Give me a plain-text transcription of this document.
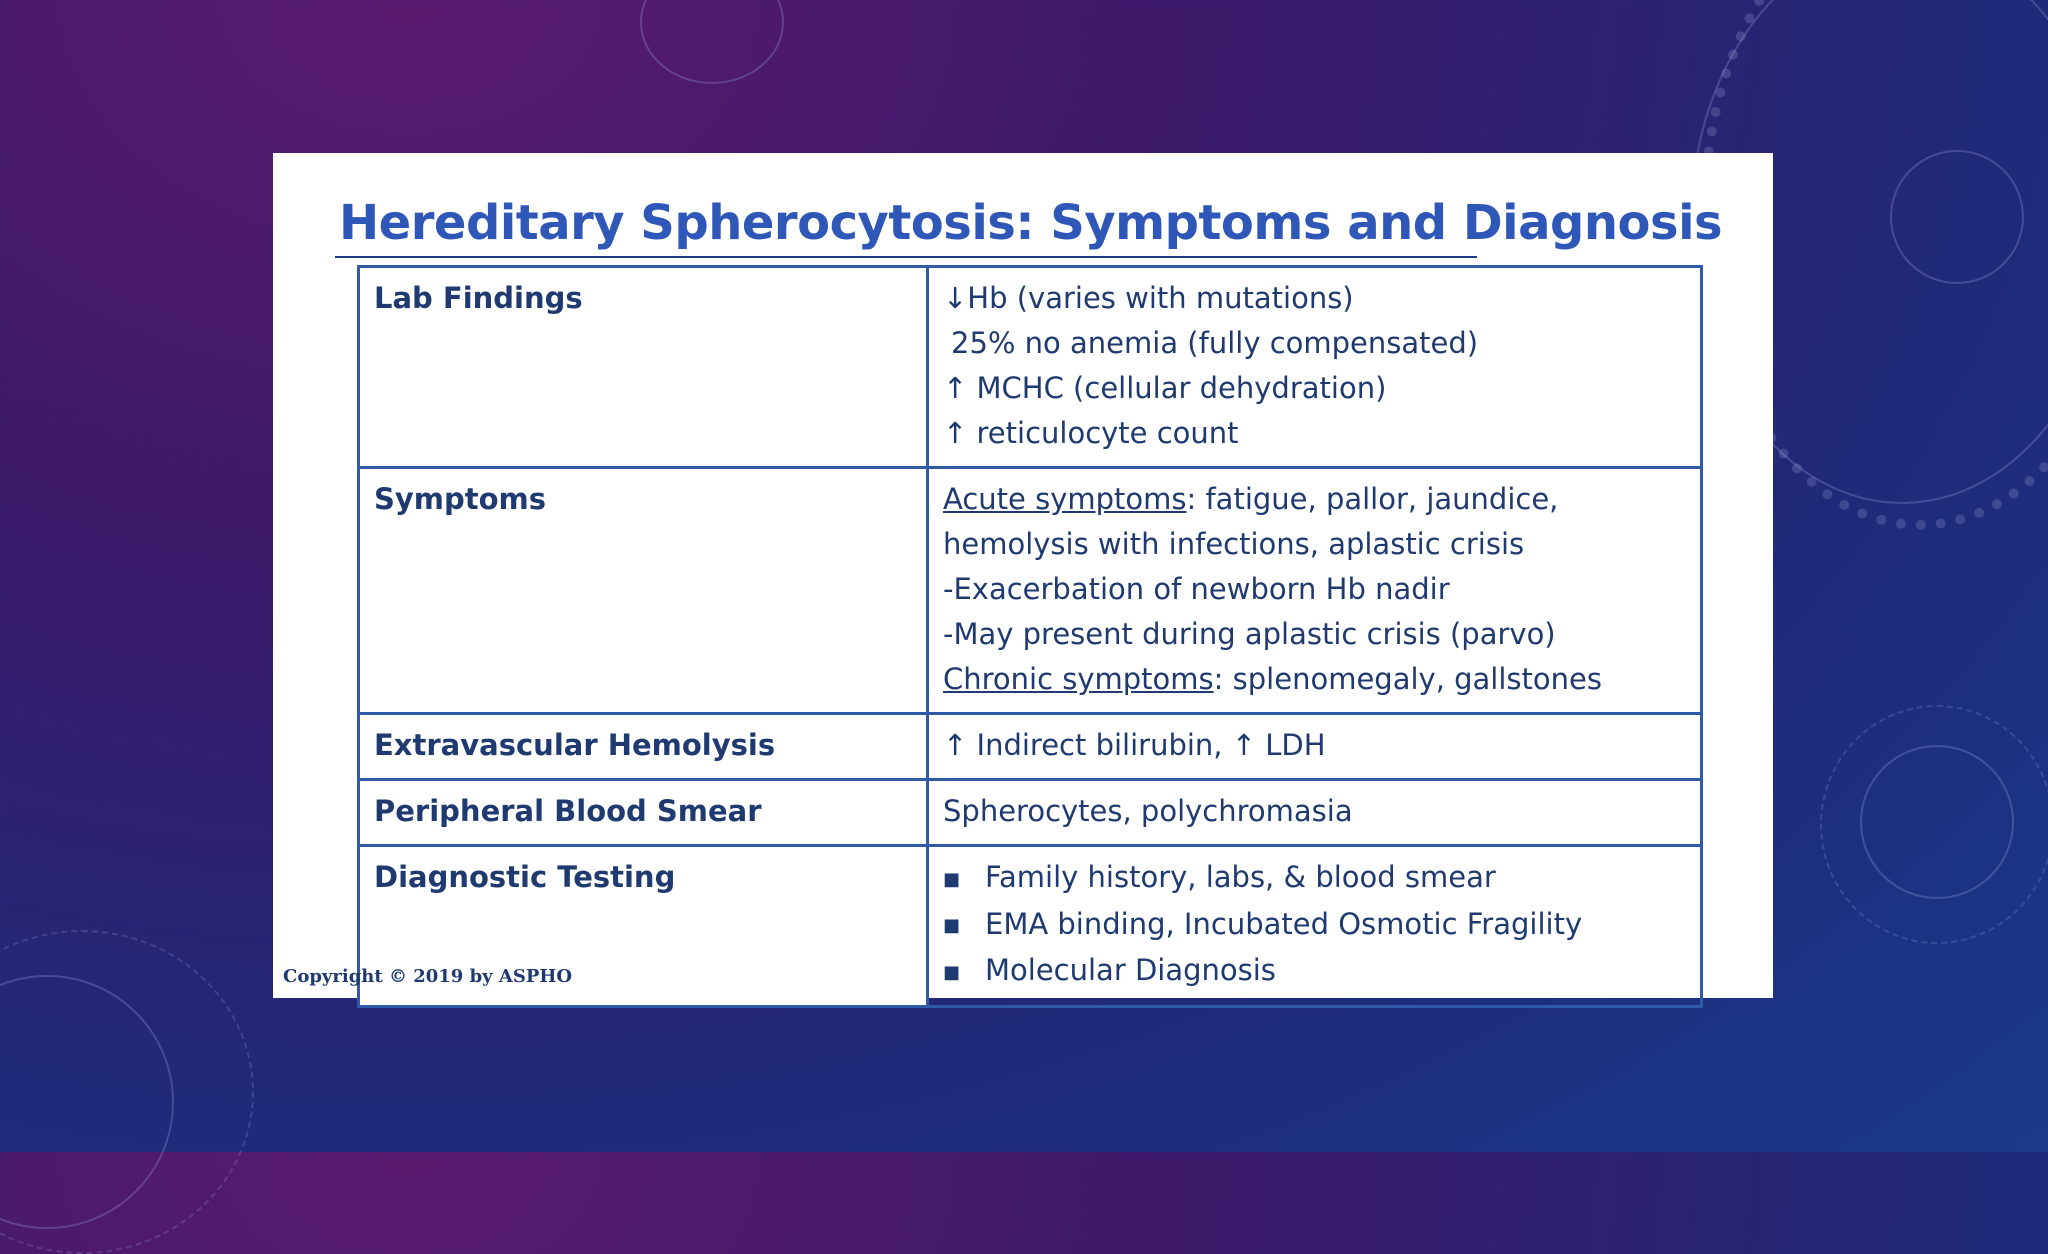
Hereditary Spherocytosis: Symptoms and Diagnosis
Lab Findings	↓Hb (varies with mutations)
25% no anemia (fully compensated)
↑ MCHC (cellular dehydration)
↑ reticulocyte count

Symptoms	Acute symptoms: fatigue, pallor, jaundice,
hemolysis with infections, aplastic crisis
-Exacerbation of newborn Hb nadir
-May present during aplastic crisis (parvo)
Chronic symptoms: splenomegaly, gallstones

Extravascular Hemolysis	↑ Indirect bilirubin, ↑ LDH

Peripheral Blood Smear	Spherocytes, polychromasia

Diagnostic Testing	■ Family history, labs, & blood smear
■ EMA binding, Incubated Osmotic Fragility
■ Molecular Diagnosis
Copyright © 2019 by ASPHO
